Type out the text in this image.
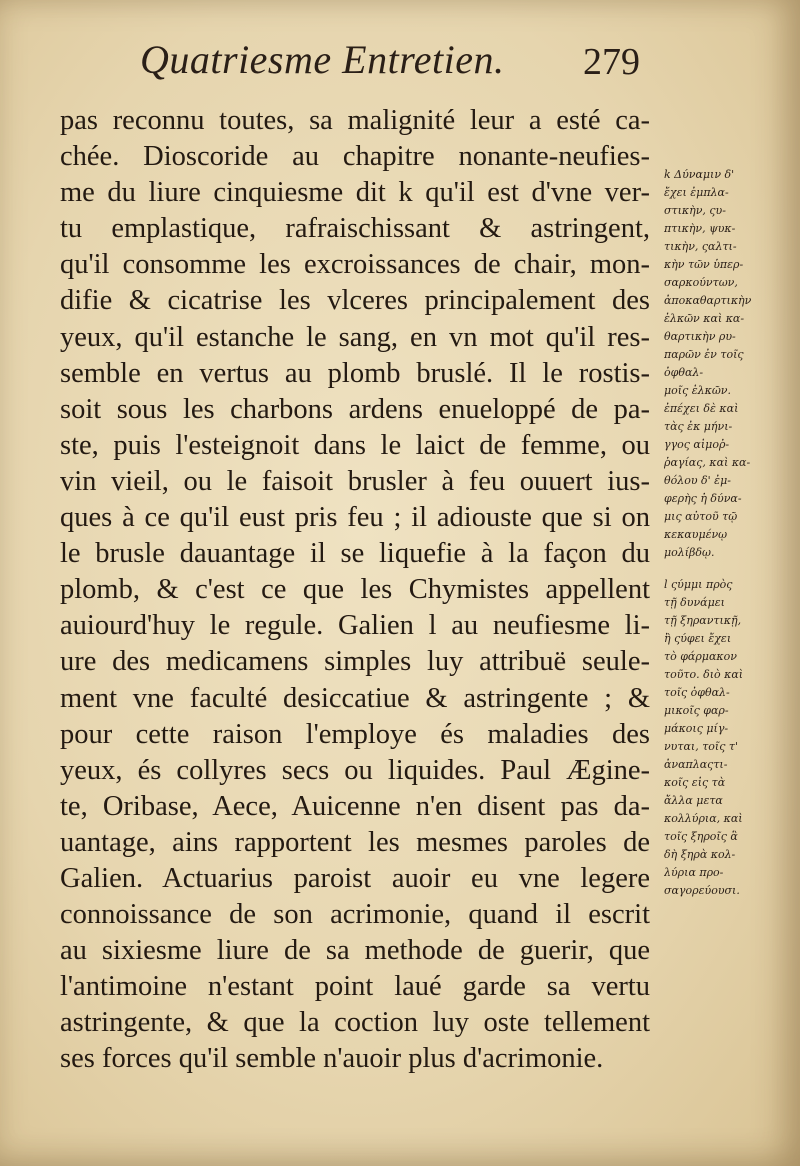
Quatriesme Entretien. 279
pas reconnu toutes, sa malignité leur a esté ca-
chée. Dioscoride au chapitre nonante-neufies-
me du liure cinquiesme dit k qu'il est d'vne ver-
tu emplastique, rafraischissant & astringent,
qu'il consomme les excroissances de chair, mon-
difie & cicatrise les vlceres principalement des
yeux, qu'il estanche le sang, en vn mot qu'il res-
semble en vertus au plomb bruslé. Il le rostis-
soit sous les charbons ardens enueloppé de pa-
ste, puis l'esteignoit dans le laict de femme, ou
vin vieil, ou le faisoit brusler à feu ouuert ius-
ques à ce qu'il eust pris feu ; il adiouste que si on
le brusle dauantage il se liquefie à la façon du
plomb, & c'est ce que les Chymistes appellent
auiourd'huy le regule. Galien l au neufiesme li-
ure des medicamens simples luy attribuë seule-
ment vne faculté desiccatiue & astringente ; &
pour cette raison l'employe és maladies des
yeux, és collyres secs ou liquides. Paul Ægine-
te, Oribase, Aece, Auicenne n'en disent pas da-
uantage, ains rapportent les mesmes paroles de
Galien. Actuarius paroist auoir eu vne legere
connoissance de son acrimonie, quand il escrit
au sixiesme liure de sa methode de guerir, que
l'antimoine n'estant point laué garde sa vertu
astringente, & que la coction luy oste tellement
ses forces qu'il semble n'auoir plus d'acrimonie.
k Δύναμιν δ'
ἔχει ἐμπλα-
στικὴν, ςυ-
πτικὴν, ψυκ-
τικὴν, ςαλτι-
κὴν τῶν ὑπερ-
σαρκούντων,
ἀποκαθαρτικὴν
ἑλκῶν καὶ κα-
θαρτικὴν ρυ-
παρῶν ἐν τοῖς
ὀφθαλ-
μοῖς ἑλκῶν.
ἐπέχει δὲ καὶ
τὰς ἐκ μήνι-
γγος αἱμοῤ-
ῥαγίας, καὶ κα-
θόλου δ' ἐμ-
φερὴς ἡ δύνα-
μις αὐτοῦ τῷ
κεκαυμένῳ
μολίβδῳ.
l ςύμμι πρὸς
τῇ δυνάμει
τῇ ξηραντικῇ,
ἢ ςύφει ἔχει
τὸ φάρμακον
τοῦτο. διὸ καὶ
τοῖς ὀφθαλ-
μικοῖς φαρ-
μάκοις μίγ-
νυται, τοῖς τ'
ἀναπλαςτι-
κοῖς εἰς τὰ
ἄλλα μετα
κολλύρια, καὶ
τοῖς ξηροῖς ἃ
δὴ ξηρὰ κολ-
λύρια προ-
σαγορεύουσι.
